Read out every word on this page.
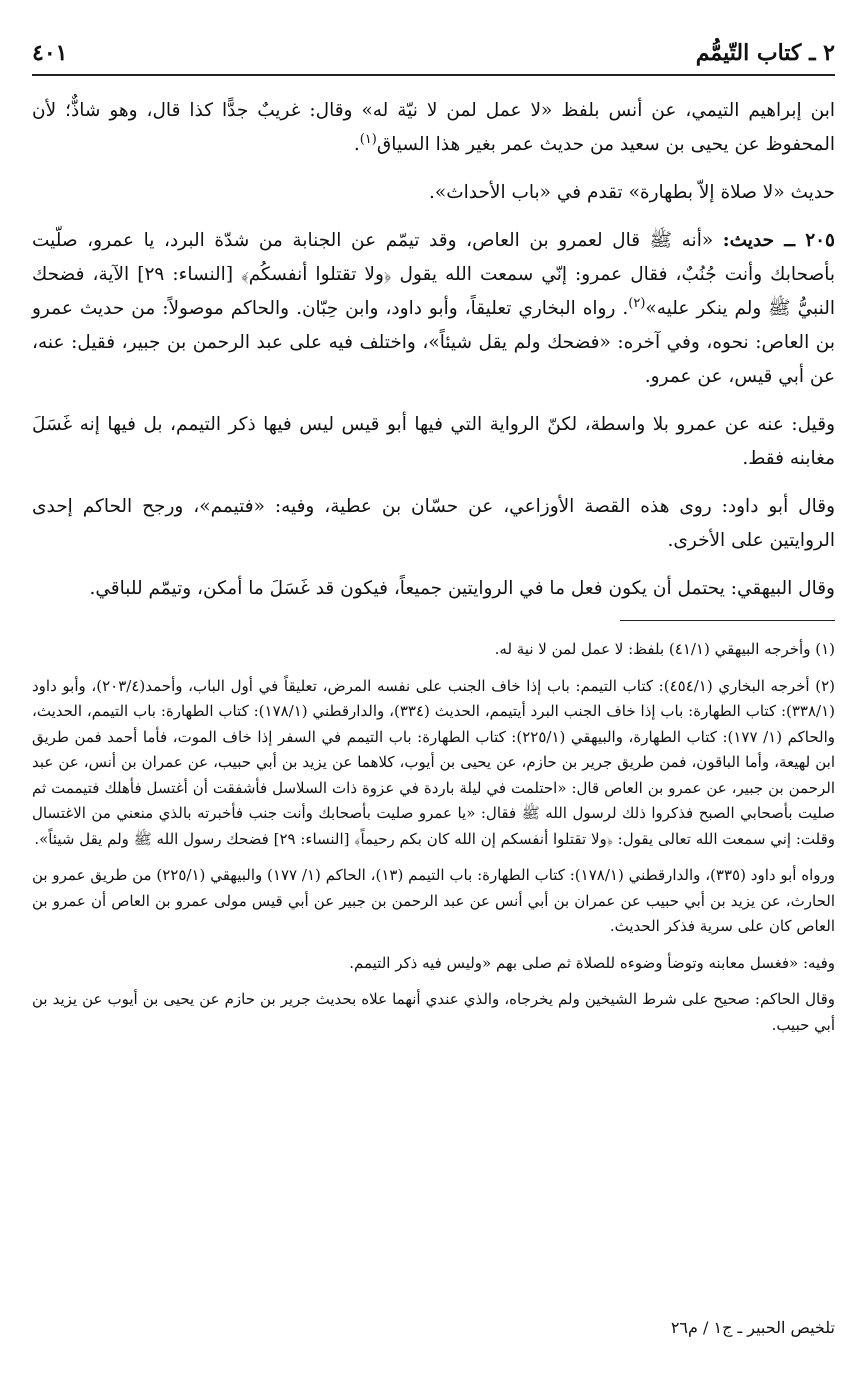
٢ ـ كتاب التّيمُّم
٤٠١

ابن إبراهيم التيمي، عن أنس بلفظ «لا عمل لمن لا نيّة له» وقال: غريبٌ جدًّا كذا قال، وهو شاذٌّ؛ لأن المحفوظ عن يحيى بن سعيد من حديث عمر بغير هذا السياق$^{(١)}$.

حديث «لا صلاة إلاّ بطهارة» تقدم في «باب الأحداث».

٢٠٥ ــ حديث: «أنه ﷺ قال لعمرو بن العاص، وقد تيمّم عن الجنابة من شدّة البرد، يا عمرو، صلّيت بأصحابك وأنت جُنُبٌ، فقال عمرو: إنّي سمعت الله يقول ﴿ولا تقتلوا أنفسكُم﴾ [النساء: ٢٩] الآية، فضحك النبيُّ ﷺ ولم ينكر عليه»$^{(٢)}$. رواه البخاري تعليقاً، وأبو داود، وابن حِبّان. والحاكم موصولاً: من حديث عمرو بن العاص: نحوه، وفي آخره: «فضحك ولم يقل شيئاً»، واختلف فيه على عبد الرحمن بن جبير، فقيل: عنه، عن أبي قيس، عن عمرو.

وقيل: عنه عن عمرو بلا واسطة، لكنّ الرواية التي فيها أبو قيس ليس فيها ذكر التيمم، بل فيها إنه غَسَلَ مغابنه فقط.

وقال أبو داود: روى هذه القصة الأوزاعي، عن حسّان بن عطية، وفيه: «فتيمم»، ورجح الحاكم إحدى الروايتين على الأخرى.

وقال البيهقي: يحتمل أن يكون فعل ما في الروايتين جميعاً، فيكون قد غَسَلَ ما أمكن، وتيمّم للباقي.

(١) وأخرجه البيهقي (٤١/١) بلفظ: لا عمل لمن لا نية له.

(٢) أخرجه البخاري (٤٥٤/١): كتاب التيمم: باب إذا خاف الجنب على نفسه المرض، تعليقاً في أول الباب، وأحمد(٢٠٣/٤)، وأبو داود (٣٣٨/١): كتاب الطهارة: باب إذا خاف الجنب البرد أيتيمم، الحديث (٣٣٤)، والدارقطني (١٧٨/١): كتاب الطهارة: باب التيمم، الحديث، والحاكم (١/ ١٧٧): كتاب الطهارة، والبيهقي (٢٢٥/١): كتاب الطهارة: باب التيمم في السفر إذا خاف الموت، فأما أحمد فمن طريق ابن لهيعة، وأما الباقون، فمن طريق جرير بن حازم، عن يحيى بن أيوب، كلاهما عن يزيد بن أبي حبيب، عن عمران بن أنس، عن عبد الرحمن بن جبير، عن عمرو بن العاص قال: «احتلمت في ليلة باردة في عزوة ذات السلاسل فأشفقت أن أغتسل فأهلك فتيممت ثم صليت بأصحابي الصبح فذكروا ذلك لرسول الله ﷺ فقال: «يا عمرو صليت بأصحابك وأنت جنب فأخبرته بالذي منعني من الاغتسال وقلت: إني سمعت الله تعالى يقول: ﴿ولا تقتلوا أنفسكم إن الله كان بكم رحيماً﴾ [النساء: ٢٩] فضحك رسول الله ﷺ ولم يقل شيئاً».

ورواه أبو داود (٣٣٥)، والدارقطني (١٧٨/١): كتاب الطهارة: باب التيمم (١٣)، الحاكم (١/ ١٧٧) والبيهقي (٢٢٥/١) من طريق عمرو بن الحارث، عن يزيد بن أبي حبيب عن عمران بن أبي أنس عن عبد الرحمن بن جبير عن أبي قيس مولى عمرو بن العاص أن عمرو بن العاص كان على سرية فذكر الحديث.

وفيه: «فغسل معابنه وتوضأ وضوءه للصلاة ثم صلى بهم «وليس فيه ذكر التيمم.

وقال الحاكم: صحيح على شرط الشيخين ولم يخرجاه، والذي عندي أنهما علاه بحديث جرير بن حازم عن يحيى بن أيوب عن يزيد بن أبي حبيب.

تلخيص الحبير ـ ج١ / م٢٦
